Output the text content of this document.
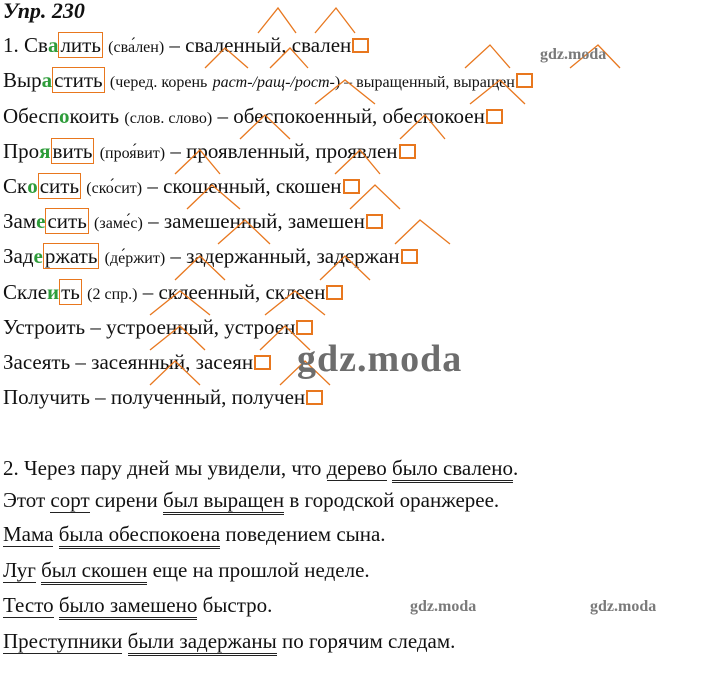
Упр. 230
1. Свалить (сва́лен) – сваленный, свален
Вырастить (черед. корень раст-/ращ-/рост-) – выращенный, выращен
Обеспокоить (слов. слово) – обеспокоенный, обеспокоен
Проявить (проя́вит) – проявленный, проявлен
Скосить (ско́сит) – скошенный, скошен
Замесить (заме́с) – замешенный, замешен
Задержать (де́ржит) – задержанный, задержан
Склеить (2 спр.) – склеенный, склеен
Устроить – устроенный, устроен
Засеять – засеянный, засеян
Получить – полученный, получен
2. Через пару дней мы увидели, что дерево было свалено.
Этот сорт сирени был выращен в городской оранжерее.
Мама была обеспокоена поведением сына.
Луг был скошен еще на прошлой неделе.
Тесто было замешено быстро.
Преступники были задержаны по горячим следам.
gdz.moda
gdz.moda
gdz.moda	gdz.moda
